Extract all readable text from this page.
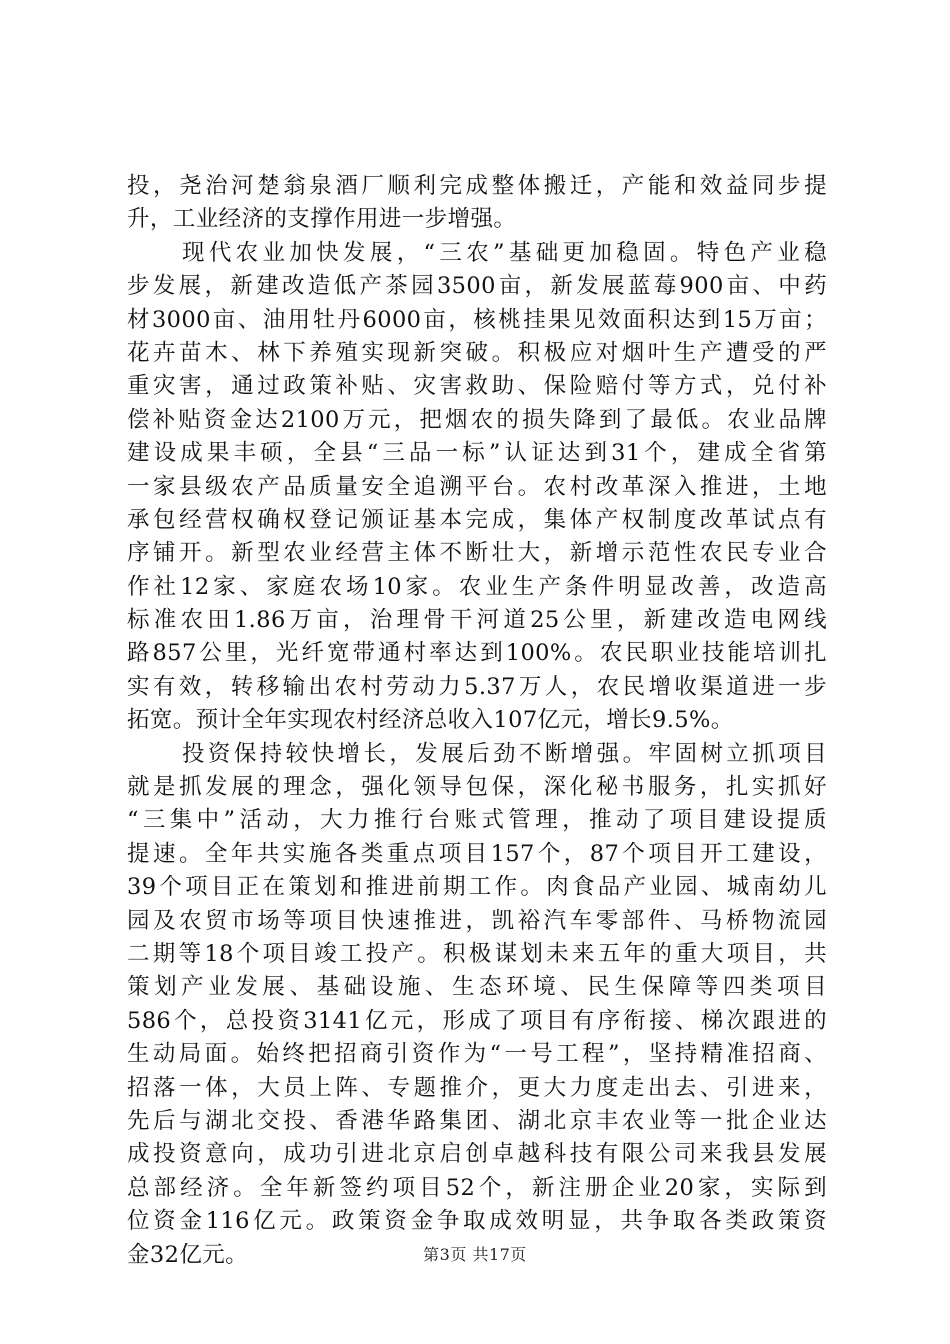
投，尧治河楚翁泉酒厂顺利完成整体搬迁，产能和效益同步提
升，工业经济的支撑作用进一步增强。
现代农业加快发展，“三农”基础更加稳固。特色产业稳
步发展，新建改造低产茶园3500亩，新发展蓝莓900亩、中药
材3000亩、油用牡丹6000亩，核桃挂果见效面积达到15万亩；
花卉苗木、林下养殖实现新突破。积极应对烟叶生产遭受的严
重灾害，通过政策补贴、灾害救助、保险赔付等方式，兑付补
偿补贴资金达2100万元，把烟农的损失降到了最低。农业品牌
建设成果丰硕，全县“三品一标”认证达到31个，建成全省第
一家县级农产品质量安全追溯平台。农村改革深入推进，土地
承包经营权确权登记颁证基本完成，集体产权制度改革试点有
序铺开。新型农业经营主体不断壮大，新增示范性农民专业合
作社12家、家庭农场10家。农业生产条件明显改善，改造高
标准农田1.86万亩，治理骨干河道25公里，新建改造电网线
路857公里，光纤宽带通村率达到100%。农民职业技能培训扎
实有效，转移输出农村劳动力5.37万人，农民增收渠道进一步
拓宽。预计全年实现农村经济总收入107亿元，增长9.5%。
投资保持较快增长，发展后劲不断增强。牢固树立抓项目
就是抓发展的理念，强化领导包保，深化秘书服务，扎实抓好
“三集中”活动，大力推行台账式管理，推动了项目建设提质
提速。全年共实施各类重点项目157个，87个项目开工建设，
39个项目正在策划和推进前期工作。肉食品产业园、城南幼儿
园及农贸市场等项目快速推进，凯裕汽车零部件、马桥物流园
二期等18个项目竣工投产。积极谋划未来五年的重大项目，共
策划产业发展、基础设施、生态环境、民生保障等四类项目
586个，总投资3141亿元，形成了项目有序衔接、梯次跟进的
生动局面。始终把招商引资作为“一号工程”，坚持精准招商、
招落一体，大员上阵、专题推介，更大力度走出去、引进来，
先后与湖北交投、香港华路集团、湖北京丰农业等一批企业达
成投资意向，成功引进北京启创卓越科技有限公司来我县发展
总部经济。全年新签约项目52个，新注册企业20家，实际到
位资金116亿元。政策资金争取成效明显，共争取各类政策资
金32亿元。	第3页 共17页
